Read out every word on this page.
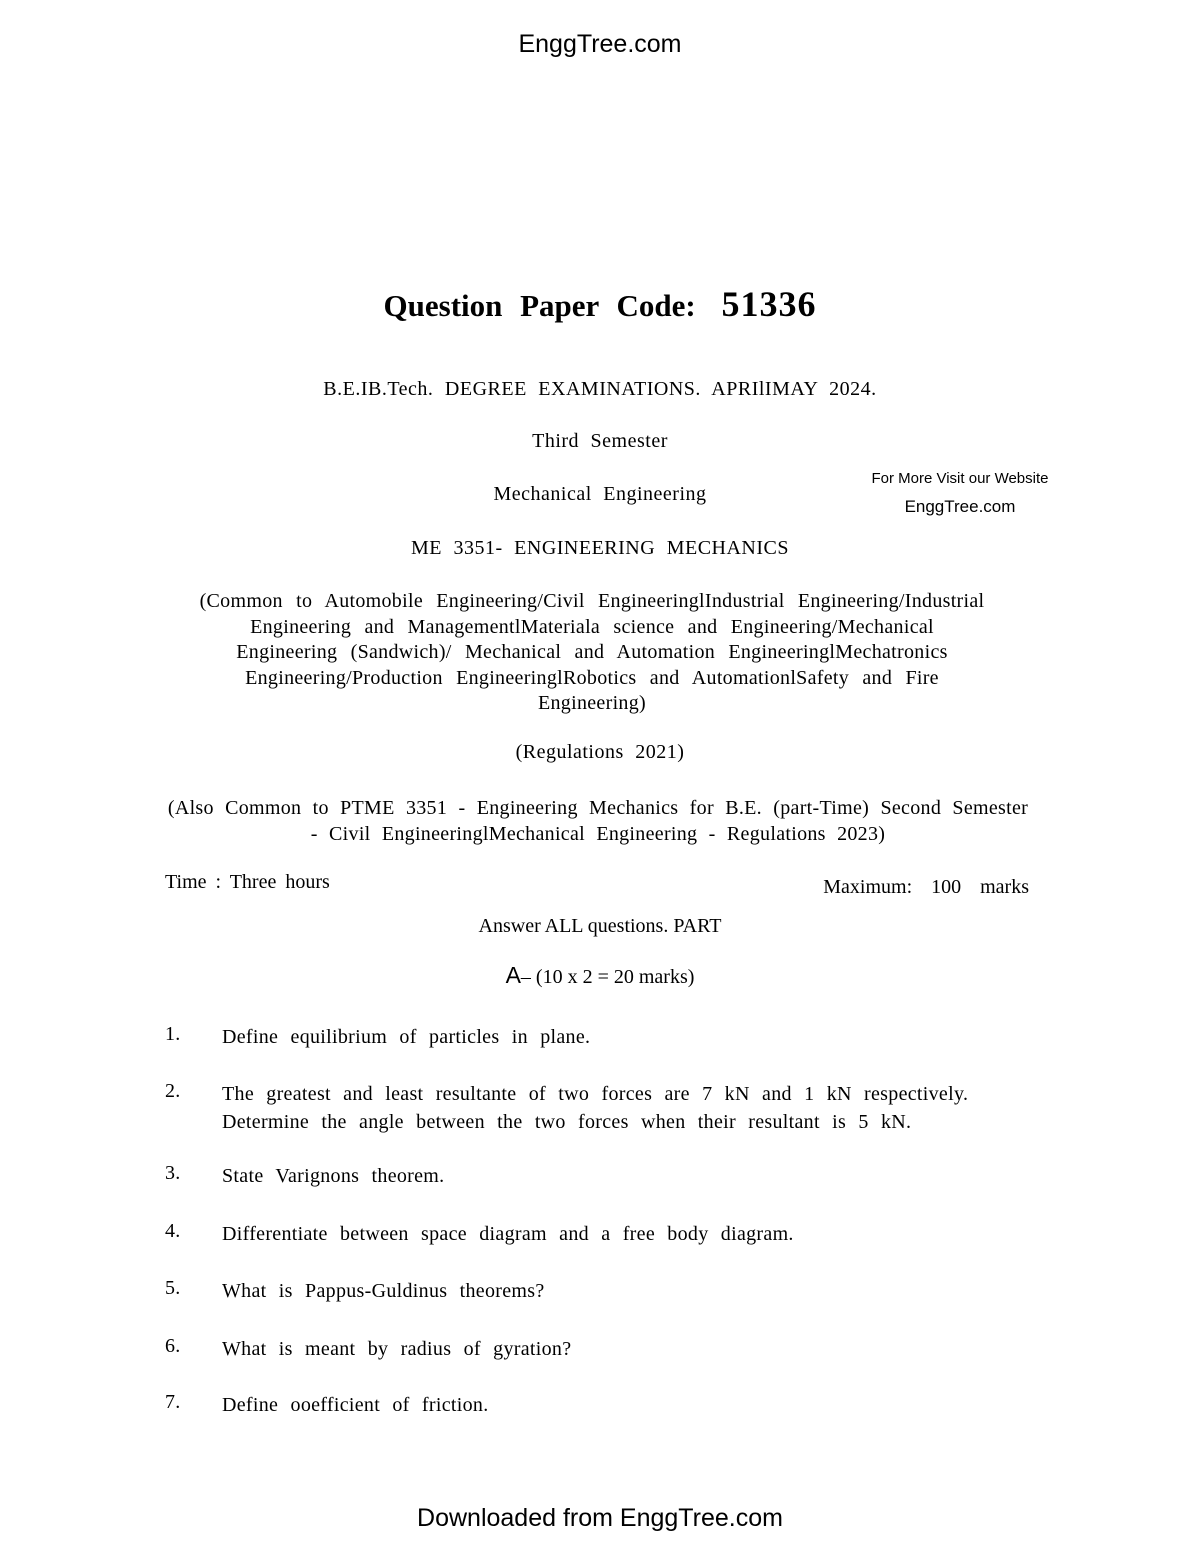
EnggTree.com
Question Paper Code: 51336
B.E.IB.Tech. DEGREE EXAMINATIONS. APRIlIMAY 2024.
Third Semester
Mechanical Engineering
For More Visit our Website
EnggTree.com
ME 3351- ENGINEERING MECHANICS
(Common to Automobile Engineering/Civil EngineeringlIndustrial Engineering/Industrial Engineering and ManagementlMateriala science and Engineering/Mechanical Engineering (Sandwich)/ Mechanical and Automation EngineeringlMechatronics Engineering/Production EngineeringlRobotics and AutomationlSafety and Fire Engineering)
(Regulations 2021)
(Also Common to PTME 3351 - Engineering Mechanics for B.E. (part-Time) Second Semester - Civil EngineeringlMechanical Engineering - Regulations 2023)
Time : Three hours	Maximum: 100 marks
Answer ALL questions. PART
A– (10 x 2 = 20 marks)
1. Define equilibrium of particles in plane.
2. The greatest and least resultante of two forces are 7 kN and 1 kN respectively. Determine the angle between the two forces when their resultant is 5 kN.
3. State Varignons theorem.
4. Differentiate between space diagram and a free body diagram.
5. What is Pappus-Guldinus theorems?
6. What is meant by radius of gyration?
7. Define ooefficient of friction.
Downloaded from EnggTree.com
